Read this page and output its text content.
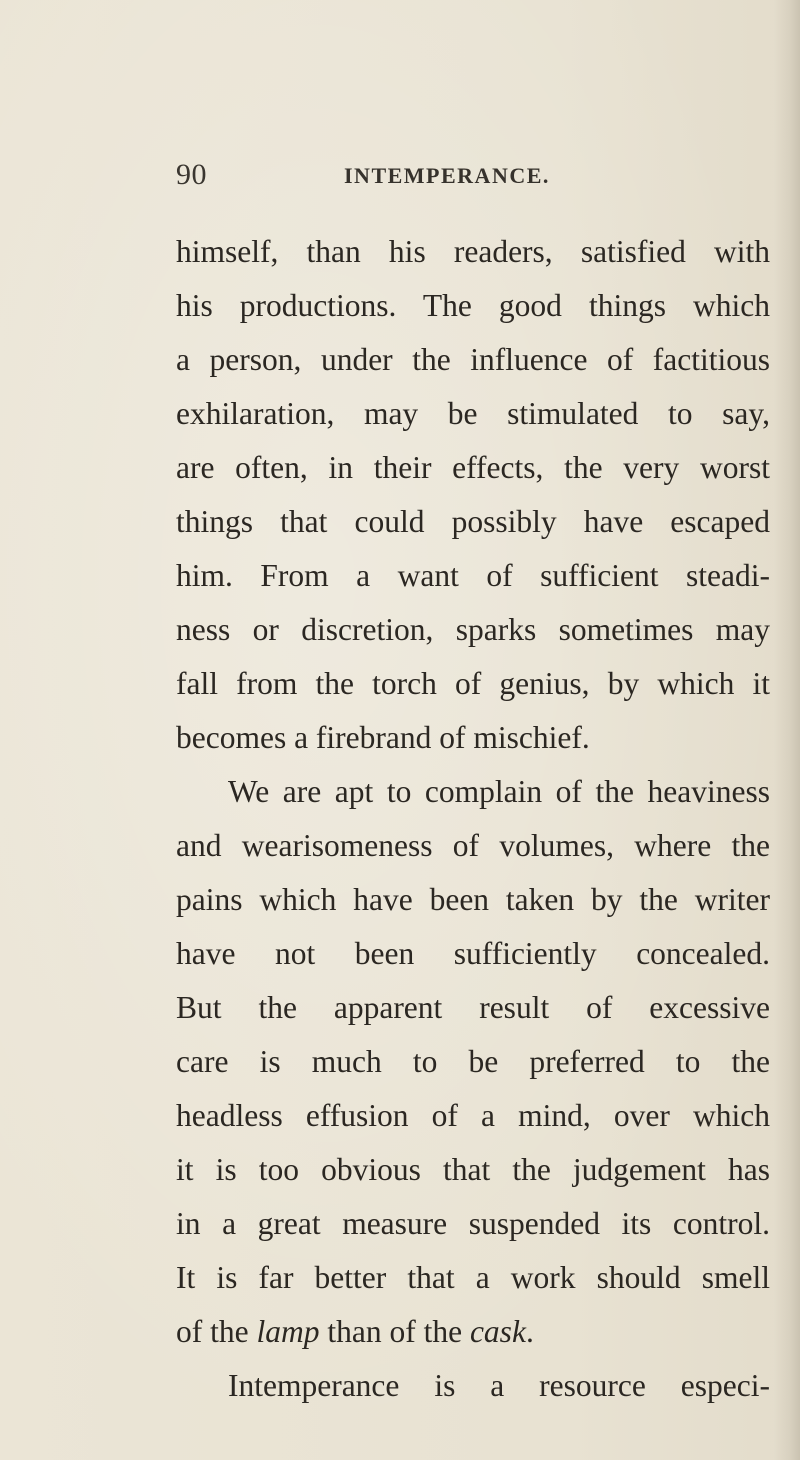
90	INTEMPERANCE.
himself, than his readers, satisfied with
his productions. The good things which
a person, under the influence of factitious
exhilaration, may be stimulated to say,
are often, in their effects, the very worst
things that could possibly have escaped
him. From a want of sufficient steadi-
ness or discretion, sparks sometimes may
fall from the torch of genius, by which it
becomes a firebrand of mischief.
We are apt to complain of the heaviness
and wearisomeness of volumes, where the
pains which have been taken by the writer
have not been sufficiently concealed.
But the apparent result of excessive
care is much to be preferred to the
headless effusion of a mind, over which
it is too obvious that the judgement has
in a great measure suspended its control.
It is far better that a work should smell
of the lamp than of the cask.
Intemperance is a resource especi-
